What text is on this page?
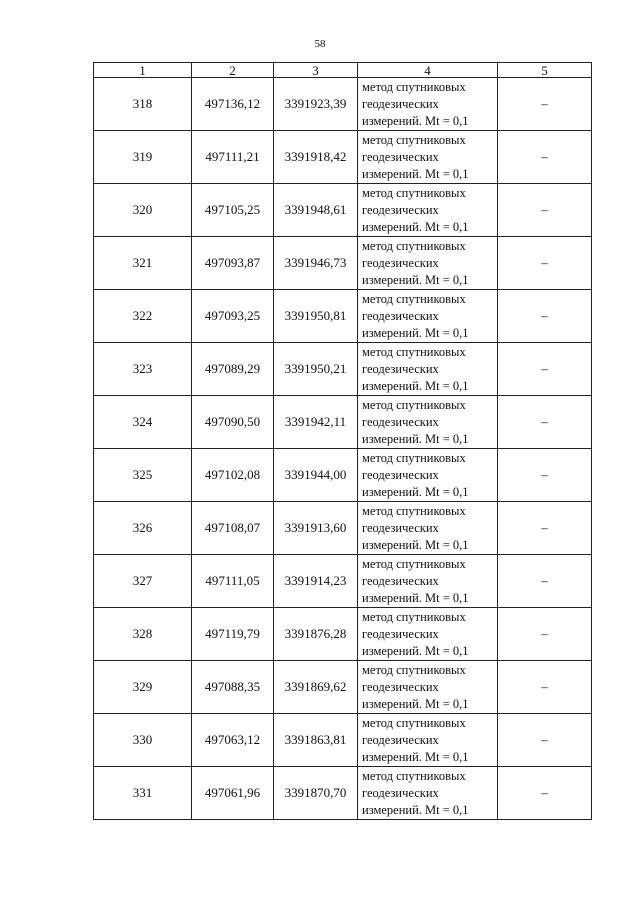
58
1	2	3	4	5
318	497136,12	3391923,39	метод спутниковых
геодезических
измерений. Mt = 0,1	–
319	497111,21	3391918,42	метод спутниковых
геодезических
измерений. Mt = 0,1	–
320	497105,25	3391948,61	метод спутниковых
геодезических
измерений. Mt = 0,1	–
321	497093,87	3391946,73	метод спутниковых
геодезических
измерений. Mt = 0,1	–
322	497093,25	3391950,81	метод спутниковых
геодезических
измерений. Mt = 0,1	–
323	497089,29	3391950,21	метод спутниковых
геодезических
измерений. Mt = 0,1	–
324	497090,50	3391942,11	метод спутниковых
геодезических
измерений. Mt = 0,1	–
325	497102,08	3391944,00	метод спутниковых
геодезических
измерений. Mt = 0,1	–
326	497108,07	3391913,60	метод спутниковых
геодезических
измерений. Mt = 0,1	–
327	497111,05	3391914,23	метод спутниковых
геодезических
измерений. Mt = 0,1	–
328	497119,79	3391876,28	метод спутниковых
геодезических
измерений. Mt = 0,1	–
329	497088,35	3391869,62	метод спутниковых
геодезических
измерений. Mt = 0,1	–
330	497063,12	3391863,81	метод спутниковых
геодезических
измерений. Mt = 0,1	–
331	497061,96	3391870,70	метод спутниковых
геодезических
измерений. Mt = 0,1	–
